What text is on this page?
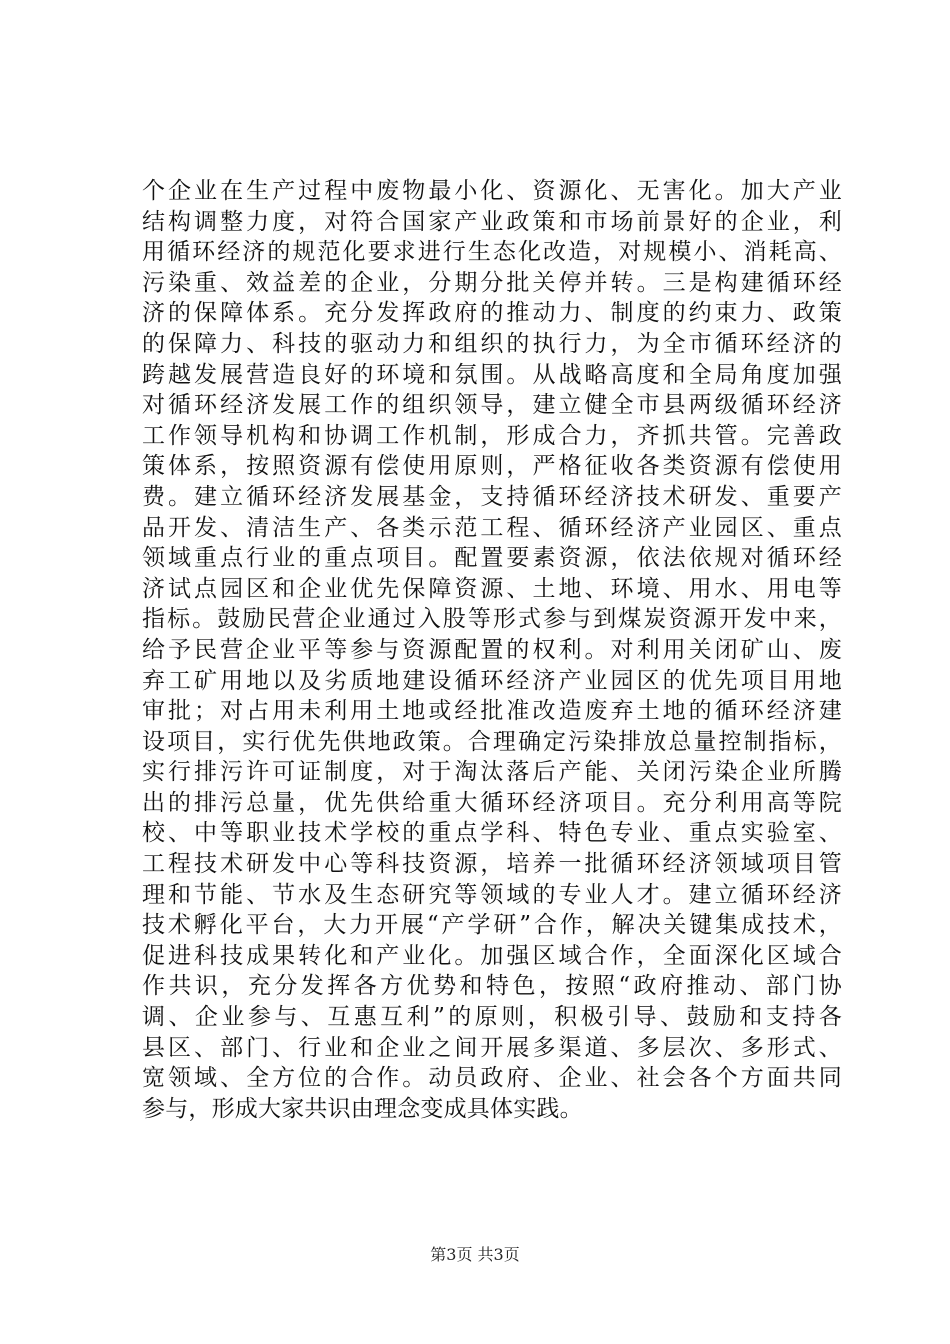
个企业在生产过程中废物最小化、资源化、无害化。加大产业
结构调整力度，对符合国家产业政策和市场前景好的企业，利
用循环经济的规范化要求进行生态化改造，对规模小、消耗高、
污染重、效益差的企业，分期分批关停并转。三是构建循环经
济的保障体系。充分发挥政府的推动力、制度的约束力、政策
的保障力、科技的驱动力和组织的执行力，为全市循环经济的
跨越发展营造良好的环境和氛围。从战略高度和全局角度加强
对循环经济发展工作的组织领导，建立健全市县两级循环经济
工作领导机构和协调工作机制，形成合力，齐抓共管。完善政
策体系，按照资源有偿使用原则，严格征收各类资源有偿使用
费。建立循环经济发展基金，支持循环经济技术研发、重要产
品开发、清洁生产、各类示范工程、循环经济产业园区、重点
领域重点行业的重点项目。配置要素资源，依法依规对循环经
济试点园区和企业优先保障资源、土地、环境、用水、用电等
指标。鼓励民营企业通过入股等形式参与到煤炭资源开发中来，
给予民营企业平等参与资源配置的权利。对利用关闭矿山、废
弃工矿用地以及劣质地建设循环经济产业园区的优先项目用地
审批；对占用未利用土地或经批准改造废弃土地的循环经济建
设项目，实行优先供地政策。合理确定污染排放总量控制指标，
实行排污许可证制度，对于淘汰落后产能、关闭污染企业所腾
出的排污总量，优先供给重大循环经济项目。充分利用高等院
校、中等职业技术学校的重点学科、特色专业、重点实验室、
工程技术研发中心等科技资源，培养一批循环经济领域项目管
理和节能、节水及生态研究等领域的专业人才。建立循环经济
技术孵化平台，大力开展“产学研”合作，解决关键集成技术，
促进科技成果转化和产业化。加强区域合作，全面深化区域合
作共识，充分发挥各方优势和特色，按照“政府推动、部门协
调、企业参与、互惠互利”的原则，积极引导、鼓励和支持各
县区、部门、行业和企业之间开展多渠道、多层次、多形式、
宽领域、全方位的合作。动员政府、企业、社会各个方面共同
参与，形成大家共识由理念变成具体实践。
第3页 共3页
